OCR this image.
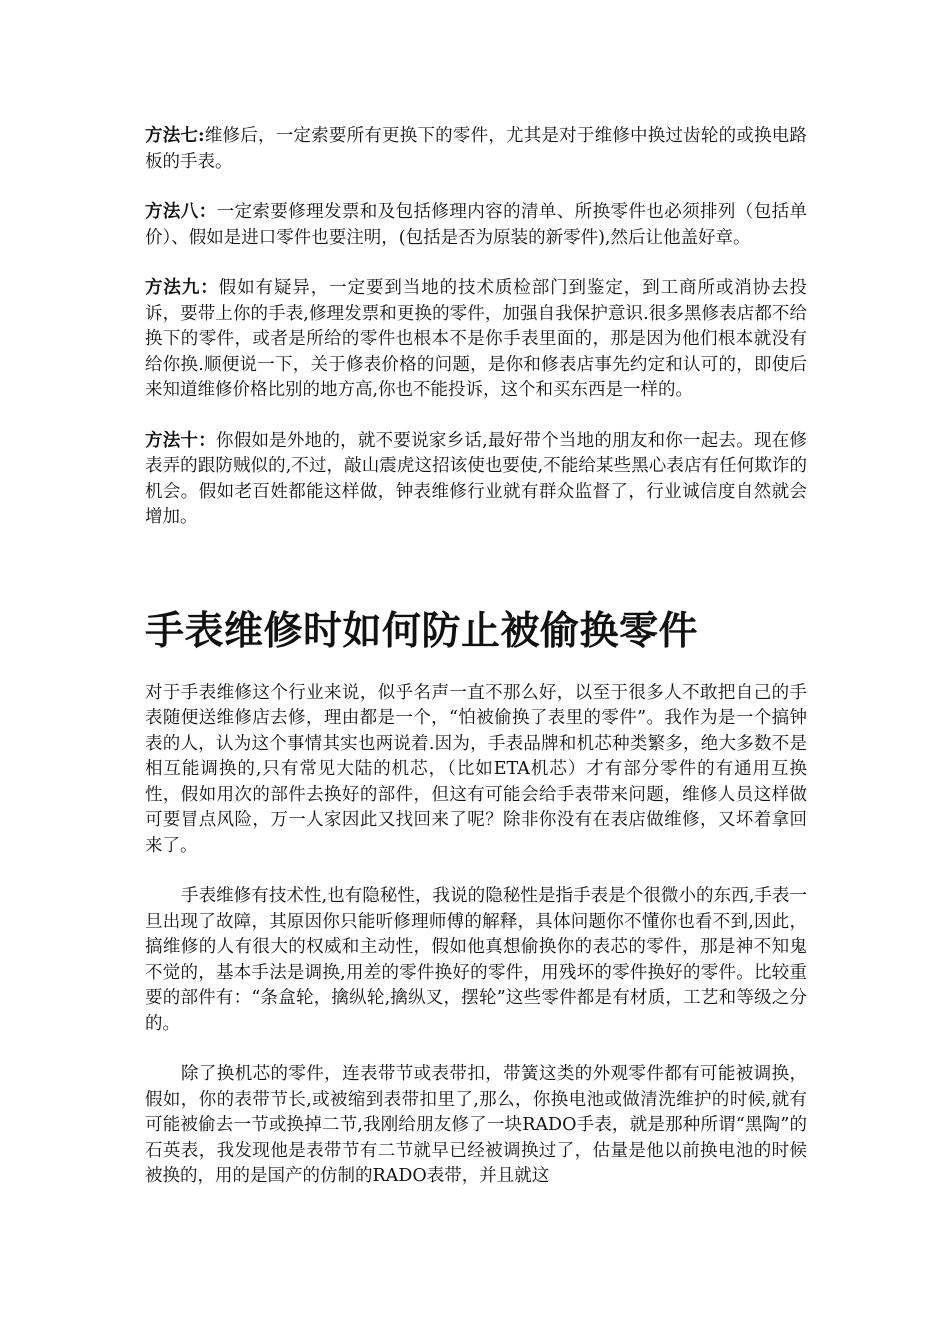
方法七:维修后，一定索要所有更换下的零件，尤其是对于维修中换过齿轮的或换电路板的手表。

方法八：一定索要修理发票和及包括修理内容的清单、所换零件也必须排列（包括单价）、假如是进口零件也要注明，(包括是否为原装的新零件),然后让他盖好章。

方法九：假如有疑异，一定要到当地的技术质检部门到鉴定，到工商所或消协去投诉，要带上你的手表,修理发票和更换的零件，加强自我保护意识.很多黑修表店都不给换下的零件，或者是所给的零件也根本不是你手表里面的，那是因为他们根本就没有给你换.顺便说一下，关于修表价格的问题，是你和修表店事先约定和认可的，即使后来知道维修价格比别的地方高,你也不能投诉，这个和买东西是一样的。

方法十：你假如是外地的，就不要说家乡话,最好带个当地的朋友和你一起去。现在修表弄的跟防贼似的,不过，敲山震虎这招该使也要使,不能给某些黑心表店有任何欺诈的机会。假如老百姓都能这样做，钟表维修行业就有群众监督了，行业诚信度自然就会增加。

手表维修时如何防止被偷换零件

对于手表维修这个行业来说，似乎名声一直不那么好，以至于很多人不敢把自己的手表随便送维修店去修，理由都是一个，“怕被偷换了表里的零件”。我作为是一个搞钟表的人，认为这个事情其实也两说着.因为，手表品牌和机芯种类繁多，绝大多数不是相互能调换的,只有常见大陆的机芯，（比如ETA机芯）才有部分零件的有通用互换性，假如用次的部件去换好的部件，但这有可能会给手表带来问题，维修人员这样做可要冒点风险，万一人家因此又找回来了呢？除非你没有在表店做维修，又坏着拿回来了。

手表维修有技术性,也有隐秘性，我说的隐秘性是指手表是个很微小的东西,手表一旦出现了故障，其原因你只能听修理师傅的解释，具体问题你不懂你也看不到,因此，搞维修的人有很大的权威和主动性，假如他真想偷换你的表芯的零件，那是神不知鬼不觉的，基本手法是调换,用差的零件换好的零件，用残坏的零件换好的零件。比较重要的部件有：“条盒轮，擒纵轮,擒纵叉，摆轮”这些零件都是有材质，工艺和等级之分的。

除了换机芯的零件，连表带节或表带扣，带簧这类的外观零件都有可能被调换，假如，你的表带节长,或被缩到表带扣里了,那么，你换电池或做清洗维护的时候,就有可能被偷去一节或换掉二节,我刚给朋友修了一块RADO手表，就是那种所谓“黑陶”的石英表，我发现他是表带节有二节就早已经被调换过了，估量是他以前换电池的时候被换的，用的是国产的仿制的RADO表带，并且就这
